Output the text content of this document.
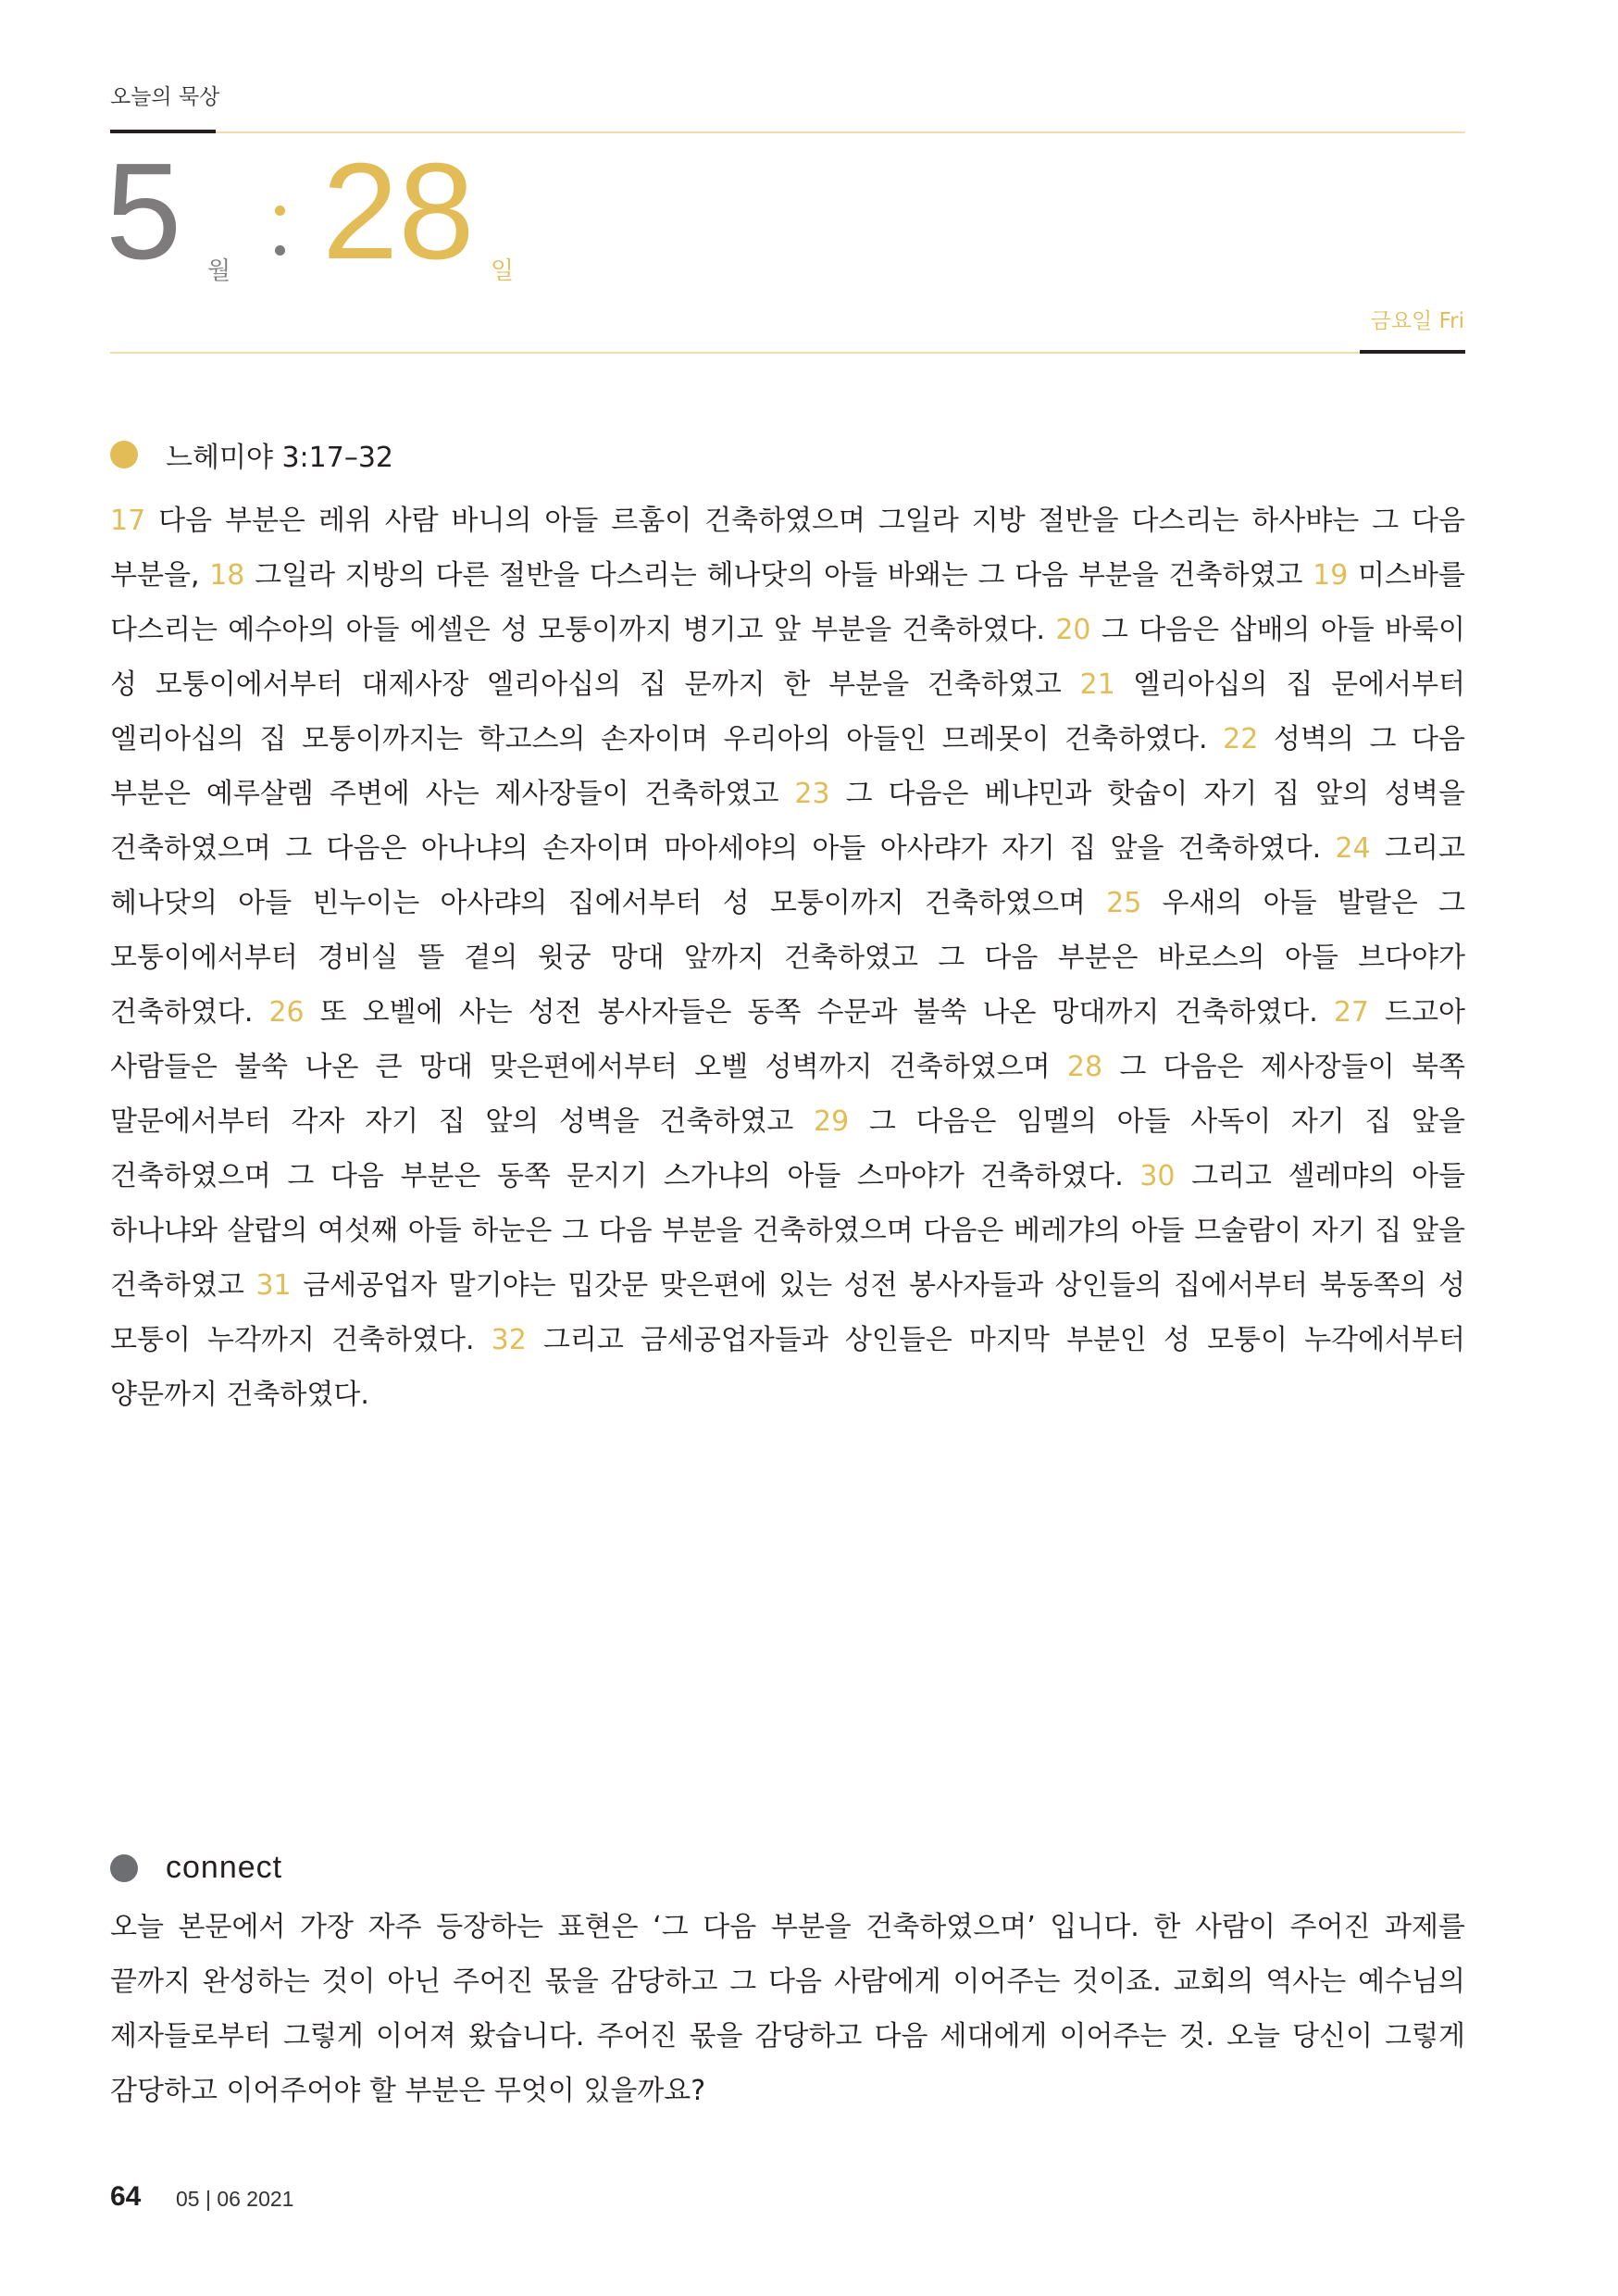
오늘의 묵상
5 월 28 일
금요일 Fri
느헤미야 3:17–32
17 다음 부분은 레위 사람 바니의 아들 르훔이 건축하였으며 그일라 지방 절반을 다스리는 하사뱌는 그 다음 부분을, 18 그일라 지방의 다른 절반을 다스리는 헤나닷의 아들 바왜는 그 다음 부분을 건축하였고 19 미스바를 다스리는 예수아의 아들 에셀은 성 모퉁이까지 병기고 앞 부분을 건축하였다. 20 그 다음은 삽배의 아들 바룩이 성 모퉁이에서부터 대제사장 엘리아십의 집 문까지 한 부분을 건축하였고 21 엘리아십의 집 문에서부터 엘리아십의 집 모퉁이까지는 학고스의 손자이며 우리아의 아들인 므레못이 건축하였다. 22 성벽의 그 다음 부분은 예루살렘 주변에 사는 제사장들이 건축하였고 23 그 다음은 베냐민과 핫숩이 자기 집 앞의 성벽을 건축하였으며 그 다음은 아나냐의 손자이며 마아세야의 아들 아사랴가 자기 집 앞을 건축하였다. 24 그리고 헤나닷의 아들 빈누이는 아사랴의 집에서부터 성 모퉁이까지 건축하였으며 25 우새의 아들 발랄은 그 모퉁이에서부터 경비실 뜰 곁의 윗궁 망대 앞까지 건축하였고 그 다음 부분은 바로스의 아들 브다야가 건축하였다. 26 또 오벨에 사는 성전 봉사자들은 동쪽 수문과 불쑥 나온 망대까지 건축하였다. 27 드고아 사람들은 불쑥 나온 큰 망대 맞은편에서부터 오벨 성벽까지 건축하였으며 28 그 다음은 제사장들이 북쪽 말문에서부터 각자 자기 집 앞의 성벽을 건축하였고 29 그 다음은 임멜의 아들 사독이 자기 집 앞을 건축하였으며 그 다음 부분은 동쪽 문지기 스가냐의 아들 스마야가 건축하였다. 30 그리고 셀레먀의 아들 하나냐와 살랍의 여섯째 아들 하눈은 그 다음 부분을 건축하였으며 다음은 베레갸의 아들 므술람이 자기 집 앞을 건축하였고 31 금세공업자 말기야는 밉갓문 맞은편에 있는 성전 봉사자들과 상인들의 집에서부터 북동쪽의 성 모퉁이 누각까지 건축하였다. 32 그리고 금세공업자들과 상인들은 마지막 부분인 성 모퉁이 누각에서부터 양문까지 건축하였다.
connect
오늘 본문에서 가장 자주 등장하는 표현은 ‘그 다음 부분을 건축하였으며’ 입니다. 한 사람이 주어진 과제를 끝까지 완성하는 것이 아닌 주어진 몫을 감당하고 그 다음 사람에게 이어주는 것이죠. 교회의 역사는 예수님의 제자들로부터 그렇게 이어져 왔습니다. 주어진 몫을 감당하고 다음 세대에게 이어주는 것. 오늘 당신이 그렇게 감당하고 이어주어야 할 부분은 무엇이 있을까요?
64 05 | 06 2021
